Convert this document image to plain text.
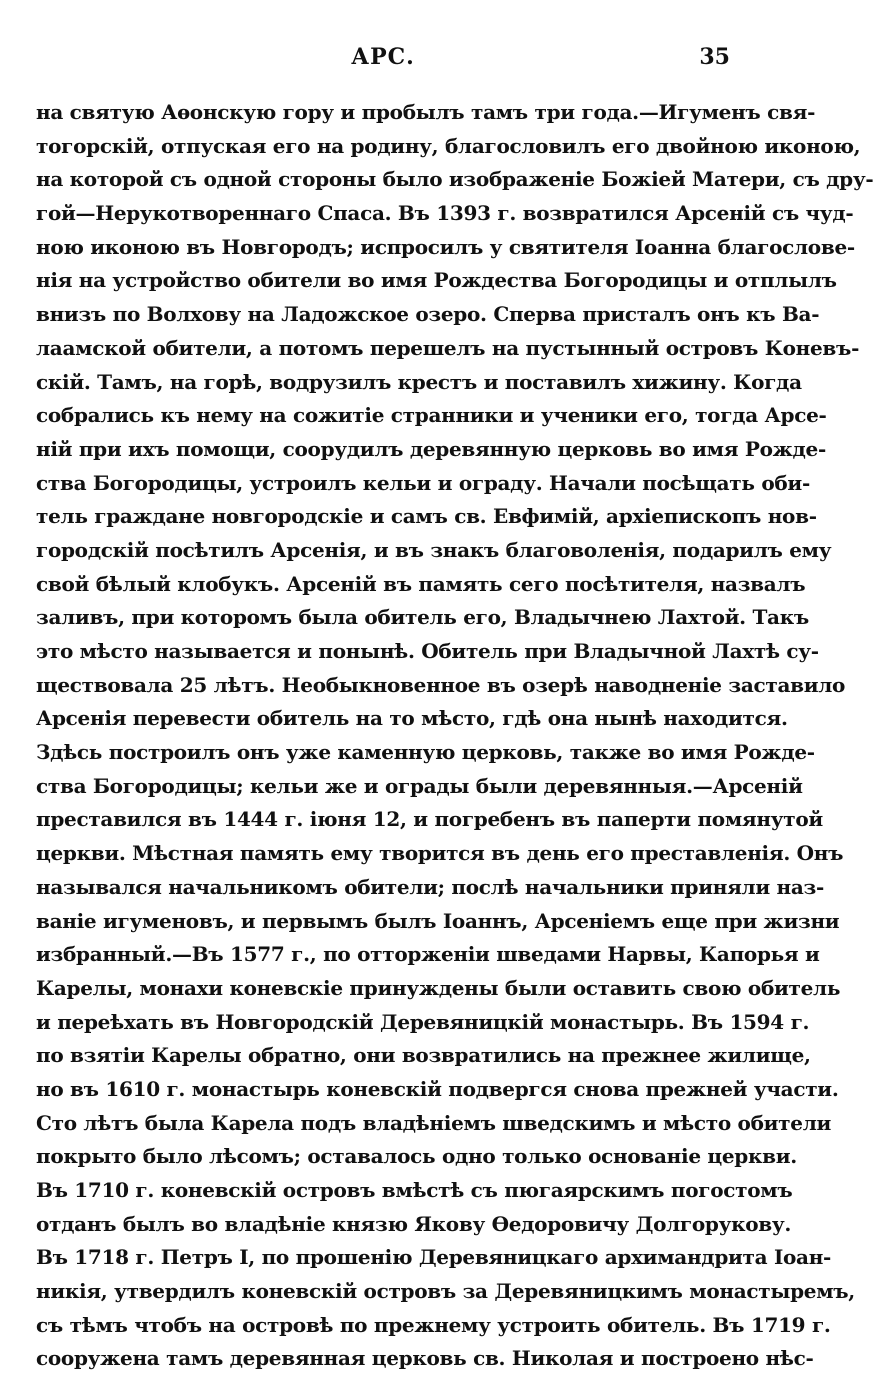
АРС.	35
на святую Аѳонскую гору и пробылъ тамъ три года.—Игуменъ свя-
тогорскій, отпуская его на родину, благословилъ его двойною иконою,
на которой съ одной стороны было изображеніе Божіей Матери, съ дру-
гой—Нерукотвореннаго Спаса. Въ 1393 г. возвратился Арсеній съ чуд-
ною иконою въ Новгородъ; испросилъ у святителя Іоанна благослове-
нія на устройство обители во имя Рождества Богородицы и отплылъ
внизъ по Волхову на Ладожское озеро. Сперва присталъ онъ къ Ва-
лаамской обители, а потомъ перешелъ на пустынный островъ Коневъ-
скій. Тамъ, на горѣ, водрузилъ крестъ и поставилъ хижину. Когда
собрались къ нему на сожитіе странники и ученики его, тогда Арсе-
ній при ихъ помощи, соорудилъ деревянную церковь во имя Рожде-
ства Богородицы, устроилъ кельи и ограду. Начали посѣщать оби-
тель граждане новгородскіе и самъ св. Евфимій, архіепископъ нов-
городскій посѣтилъ Арсенія, и въ знакъ благоволенія, подарилъ ему
свой бѣлый клобукъ. Арсеній въ память сего посѣтителя, назвалъ
заливъ, при которомъ была обитель его, Владычнею Лахтой. Такъ
это мѣсто называется и понынѣ. Обитель при Владычной Лахтѣ су-
ществовала 25 лѣтъ. Необыкновенное въ озерѣ наводненіе заставило
Арсенія перевести обитель на то мѣсто, гдѣ она нынѣ находится.
Здѣсь построилъ онъ уже каменную церковь, также во имя Рожде-
ства Богородицы; кельи же и ограды были деревянныя.—Арсеній
преставился въ 1444 г. іюня 12, и погребенъ въ паперти помянутой
церкви. Мѣстная память ему творится въ день его преставленія. Онъ
назывался начальникомъ обители; послѣ начальники приняли наз-
ваніе игуменовъ, и первымъ былъ Іоаннъ, Арсеніемъ еще при жизни
избранный.—Въ 1577 г., по отторженіи шведами Нарвы, Капорья и
Карелы, монахи коневскіе принуждены были оставить свою обитель
и переѣхать въ Новгородскій Деревяницкій монастырь. Въ 1594 г.
по взятіи Карелы обратно, они возвратились на прежнее жилище,
но въ 1610 г. монастырь коневскій подвергся снова прежней участи.
Сто лѣтъ была Карела подъ владѣніемъ шведскимъ и мѣсто обители
покрыто было лѣсомъ; оставалось одно только основаніе церкви.
Въ 1710 г. коневскій островъ вмѣстѣ съ пюгаярскимъ погостомъ
отданъ былъ во владѣніе князю Якову Ѳедоровичу Долгорукову.
Въ 1718 г. Петръ I, по прошенію Деревяницкаго архимандрита Іоан-
никія, утвердилъ коневскій островъ за Деревяницкимъ монастыремъ,
съ тѣмъ чтобъ на островѣ по прежнему устроить обитель. Въ 1719 г.
сооружена тамъ деревянная церковь св. Николая и построено нѣс-
